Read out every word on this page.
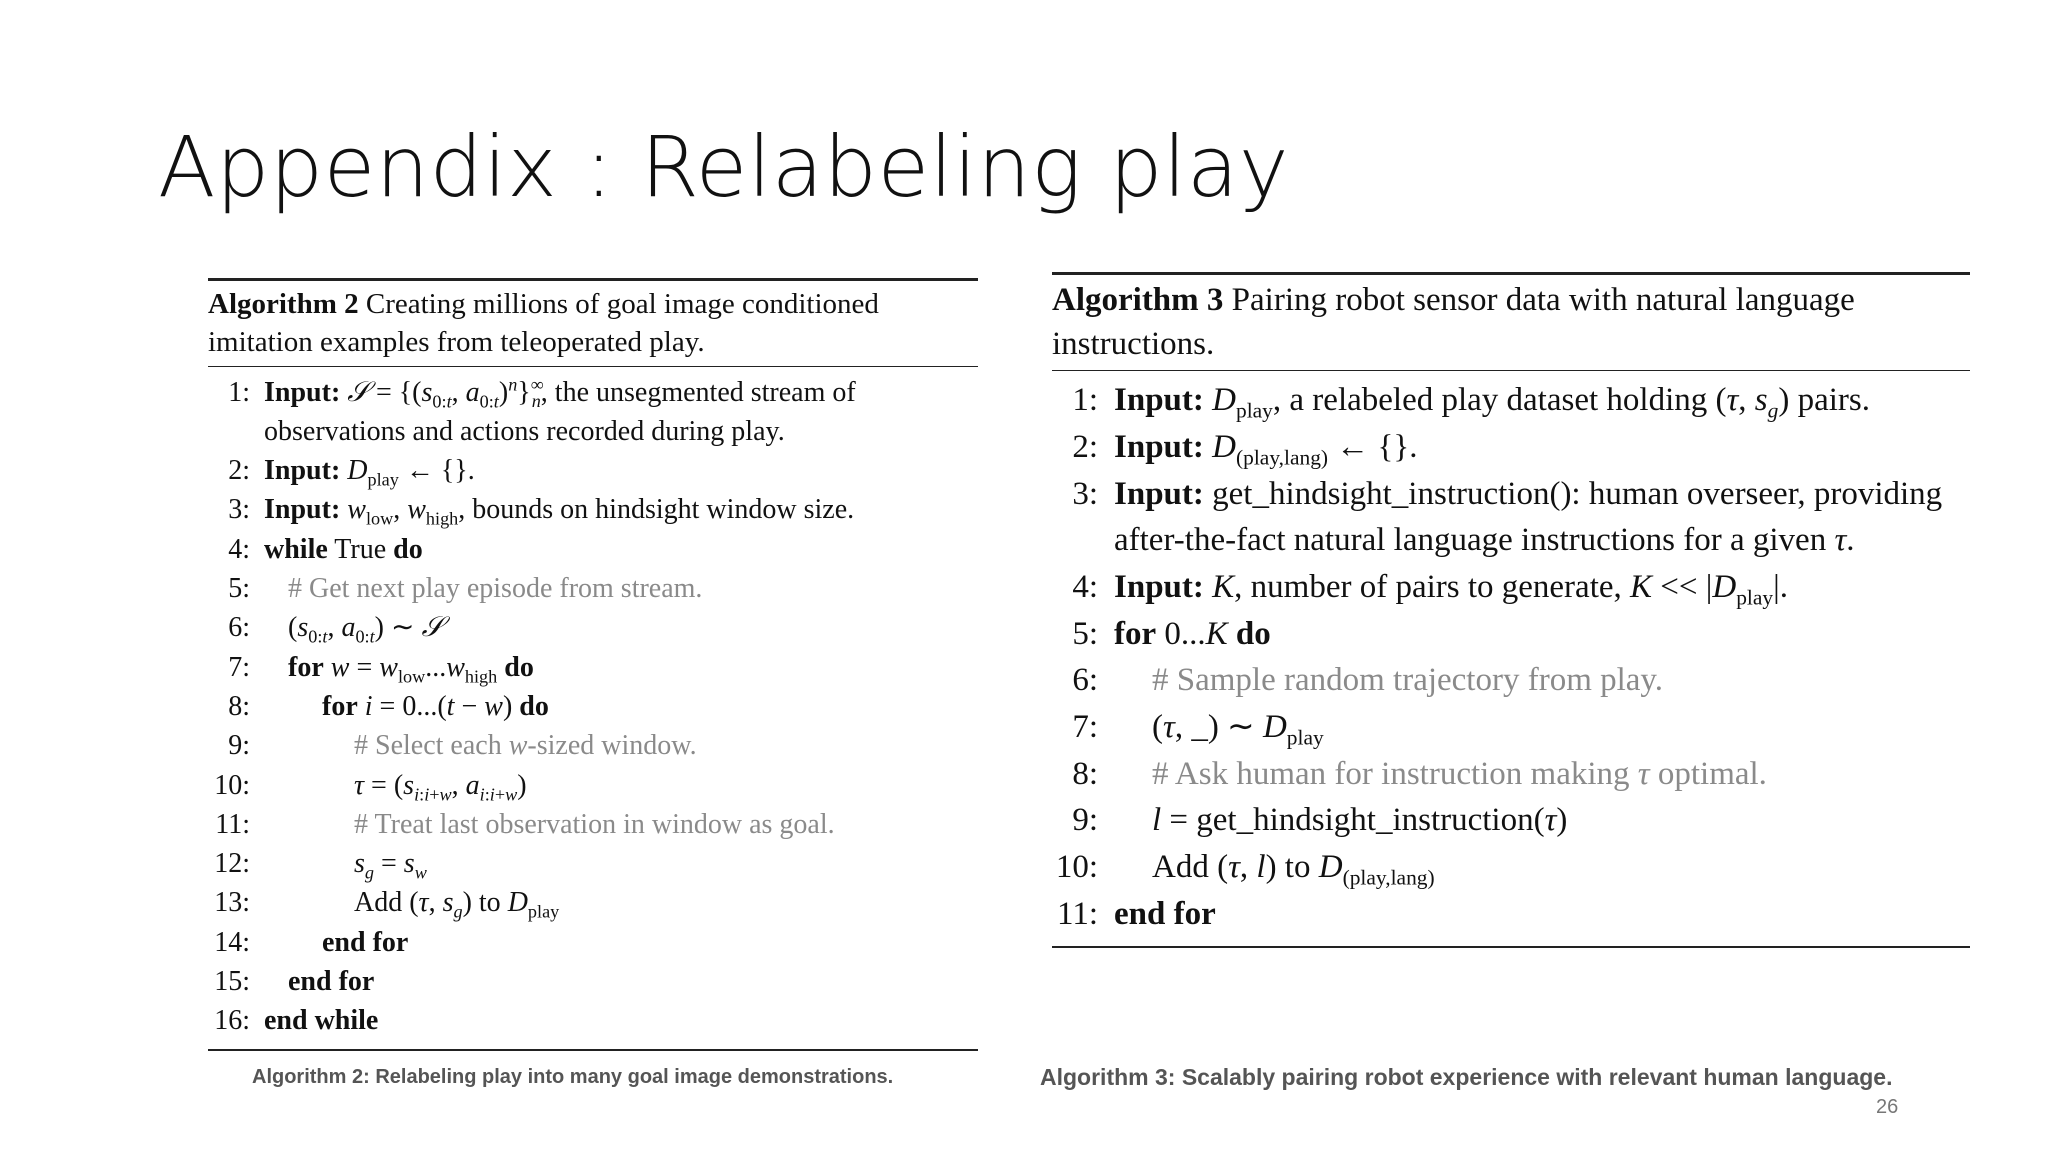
Appendix : Relabeling play
Algorithm 2 Creating millions of goal image conditioned imitation examples from teleoperated play.
1: Input: 𝒮 = {($s_{0:t}$, $a_{0:t})^n\}^\infty_n$, the unsegmented stream of observations and actions recorded during play.
2: Input: $D_{play}$ ← {}.
3: Input: $w_{low}$, $w_{high}$, bounds on hindsight window size.
4: while True do
5:	# Get next play episode from stream.
6:	($s_{0:t}$, $a_{0:t}$) ∼ 𝒮
7:	for $w = w_{low}...w_{high}$ do
8:	for i = 0...(t − w) do
9:	# Select each w-sized window.
10:	$\tau = (s_{i:i+w}$, $a_{i:i+w}$)
11:	# Treat last observation in window as goal.
12:	$s_g = s_w$
13:	Add (τ, $s_g$) to $D_{play}$
14:	end for
15:	end for
16: end while
Algorithm 3 Pairing robot sensor data with natural language instructions.
1: Input: $D_{play}$, a relabeled play dataset holding (τ, $s_g$) pairs.
2: Input: $D_{(play,lang)}$ ← {}.
3: Input: get_hindsight_instruction(): human overseer, providing after-the-fact natural language instructions for a given τ.
4: Input: K, number of pairs to generate, $K << |D_{play}|$.
5: for 0...K do
6:	# Sample random trajectory from play.
7:	(τ, _) ∼ $D_{play}$
8:	# Ask human for instruction making τ optimal.
9:	l = get_hindsight_instruction(τ)
10:	Add (τ, l) to $D_{(play,lang)}$
11: end for
Algorithm 2: Relabeling play into many goal image demonstrations.	Algorithm 3: Scalably pairing robot experience with relevant human language.
26
